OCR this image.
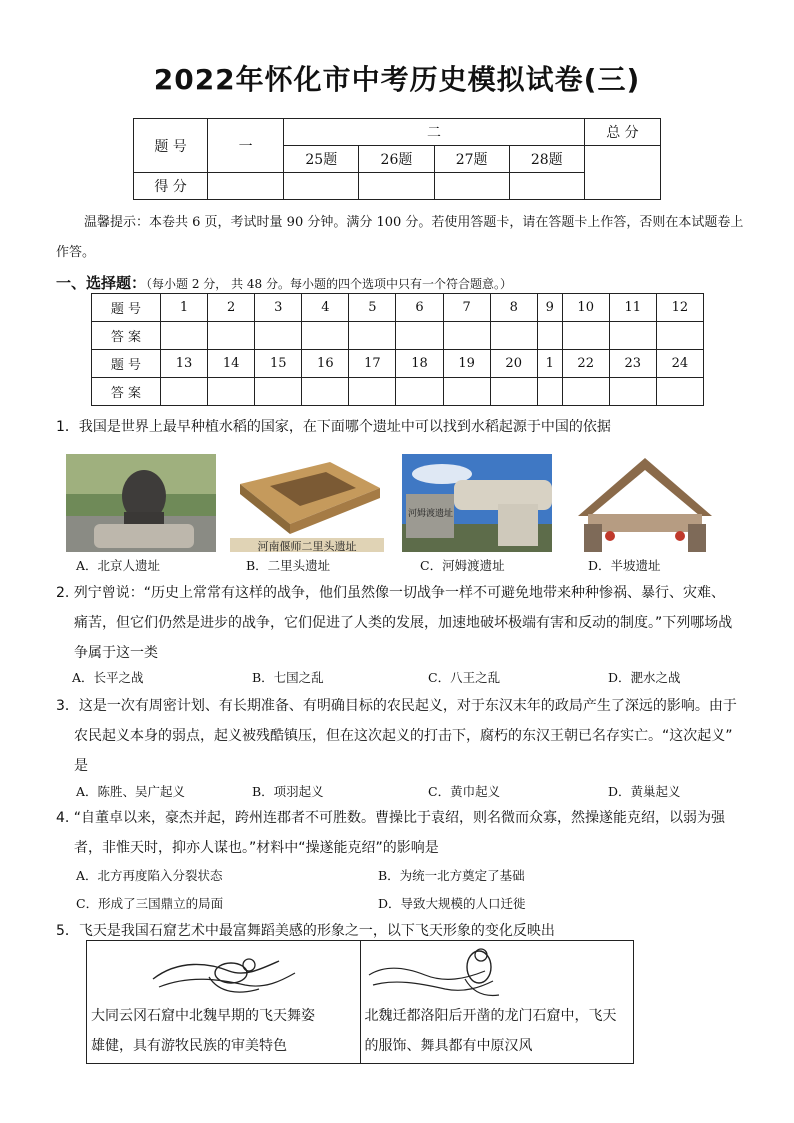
2022年怀化市中考历史模拟试卷(三)
题 号	一	二				总 分
		25题	26题	27题	28题	
得 分						
温馨提示：本卷共 6 页，考试时量 90 分钟。满分 100 分。若使用答题卡，请在答题卡上作答，否则在本试题卷上作答。
一、选择题：（每小题 2 分， 共 48 分。每小题的四个选项中只有一个符合题意。）
题 号	1	2	3	4	5	6	7	8	9	10	11	12
答 案												
题 号	13	14	15	16	17	18	19	20	1	22	23	24
答 案												
1．我国是世界上最早种植水稻的国家，在下面哪个遗址中可以找到水稻起源于中国的依据
河南偃师二里头遗址
河姆渡遗址
A．北京人遗址	B．二里头遗址	C．河姆渡遗址	D．半坡遗址
2. 列宁曾说：“历史上常常有这样的战争，他们虽然像一切战争一样不可避免地带来种种惨祸、暴行、灾难、
痛苦，但它们仍然是进步的战争，它们促进了人类的发展，加速地破坏极端有害和反动的制度。”下列哪场战
争属于这一类
A．长平之战	B．七国之乱	C．八王之乱	D．淝水之战
3．这是一次有周密计划、有长期准备、有明确目标的农民起义，对于东汉末年的政局产生了深远的影响。由于
农民起义本身的弱点，起义被残酷镇压，但在这次起义的打击下，腐朽的东汉王朝已名存实亡。“这次起义”
是
A．陈胜、吴广起义	B．项羽起义	C．黄巾起义	D．黄巢起义
4. “自董卓以来，豪杰并起，跨州连郡者不可胜数。曹操比于袁绍，则名微而众寡，然操遂能克绍，以弱为强
者，非惟天时，抑亦人谋也。”材料中“操遂能克绍”的影响是
A．北方再度陷入分裂状态	B．为统一北方奠定了基础
C．形成了三国鼎立的局面	D．导致大规模的人口迁徙
5．飞天是我国石窟艺术中最富舞蹈美感的形象之一，以下飞天形象的变化反映出
大同云冈石窟中北魏早期的飞天舞姿
雄健，具有游牧民族的审美特色

北魏迁都洛阳后开凿的龙门石窟中，飞天
的服饰、舞具都有中原汉风
